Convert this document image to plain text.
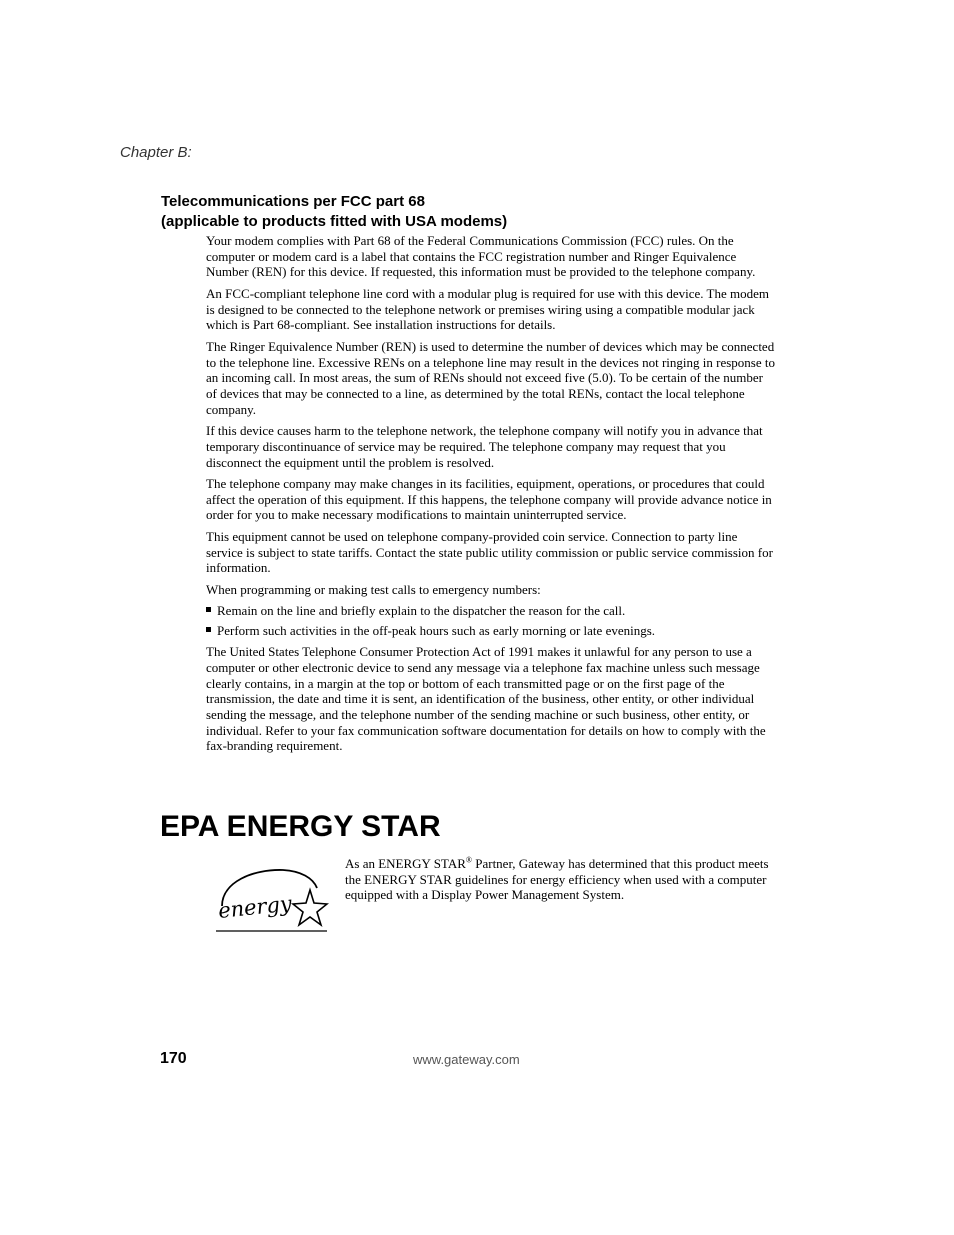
Chapter B:
Telecommunications per FCC part 68
(applicable to products fitted with USA modems)

Your modem complies with Part 68 of the Federal Communications Commission (FCC) rules. On the computer or modem card is a label that contains the FCC registration number and Ringer Equivalence Number (REN) for this device. If requested, this information must be provided to the telephone company.

An FCC-compliant telephone line cord with a modular plug is required for use with this device. The modem is designed to be connected to the telephone network or premises wiring using a compatible modular jack which is Part 68-compliant. See installation instructions for details.

The Ringer Equivalence Number (REN) is used to determine the number of devices which may be connected to the telephone line. Excessive RENs on a telephone line may result in the devices not ringing in response to an incoming call. In most areas, the sum of RENs should not exceed five (5.0). To be certain of the number of devices that may be connected to a line, as determined by the total RENs, contact the local telephone company.

If this device causes harm to the telephone network, the telephone company will notify you in advance that temporary discontinuance of service may be required. The telephone company may request that you disconnect the equipment until the problem is resolved.

The telephone company may make changes in its facilities, equipment, operations, or procedures that could affect the operation of this equipment. If this happens, the telephone company will provide advance notice in order for you to make necessary modifications to maintain uninterrupted service.

This equipment cannot be used on telephone company-provided coin service. Connection to party line service is subject to state tariffs. Contact the state public utility commission or public service commission for information.

When programming or making test calls to emergency numbers:

Remain on the line and briefly explain to the dispatcher the reason for the call.
Perform such activities in the off-peak hours such as early morning or late evenings.

The United States Telephone Consumer Protection Act of 1991 makes it unlawful for any person to use a computer or other electronic device to send any message via a telephone fax machine unless such message clearly contains, in a margin at the top or bottom of each transmitted page or on the first page of the transmission, the date and time it is sent, an identification of the business, other entity, or other individual sending the message, and the telephone number of the sending machine or such business, other entity, or individual. Refer to your fax communication software documentation for details on how to comply with the fax-branding requirement.

EPA ENERGY STAR
energy

As an ENERGY STAR® Partner, Gateway has determined that this product meets the ENERGY STAR guidelines for energy efficiency when used with a computer equipped with a Display Power Management System.

170	www.gateway.com
